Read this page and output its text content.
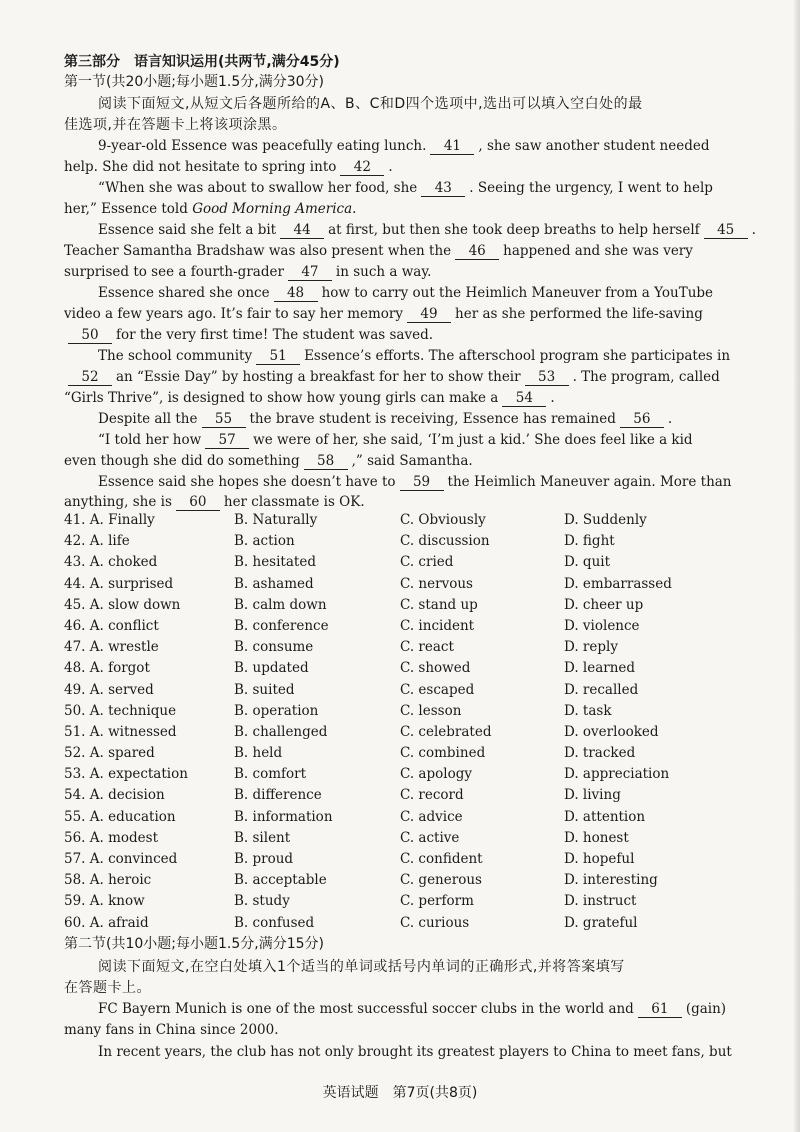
第三部分　语言知识运用(共两节,满分45分)
第一节(共20小题;每小题1.5分,满分30分)
阅读下面短文,从短文后各题所给的A、B、C和D四个选项中,选出可以填入空白处的最
佳选项,并在答题卡上将该项涂黑。
9-year-old Essence was peacefully eating lunch. 41 , she saw another student needed
help. She did not hesitate to spring into 42 .
“When she was about to swallow her food, she 43 . Seeing the urgency, I went to help
her,” Essence told Good Morning America.
Essence said she felt a bit 44 at first, but then she took deep breaths to help herself 45 .
Teacher Samantha Bradshaw was also present when the 46 happened and she was very
surprised to see a fourth-grader 47 in such a way.
Essence shared she once 48 how to carry out the Heimlich Maneuver from a YouTube
video a few years ago. It’s fair to say her memory 49 her as she performed the life-saving
50 for the very first time! The student was saved.
The school community 51 Essence’s efforts. The afterschool program she participates in
52 an “Essie Day” by hosting a breakfast for her to show their 53 . The program, called
“Girls Thrive”, is designed to show how young girls can make a 54 .
Despite all the 55 the brave student is receiving, Essence has remained 56 .
“I told her how 57 we were of her, she said, ‘I’m just a kid.’ She does feel like a kid
even though she did do something 58 ,” said Samantha.
Essence said she hopes she doesn’t have to 59 the Heimlich Maneuver again. More than
anything, she is 60 her classmate is OK.
41. A. Finally	B. Naturally	C. Obviously	D. Suddenly
42. A. life	B. action	C. discussion	D. fight
43. A. choked	B. hesitated	C. cried	D. quit
44. A. surprised	B. ashamed	C. nervous	D. embarrassed
45. A. slow down	B. calm down	C. stand up	D. cheer up
46. A. conflict	B. conference	C. incident	D. violence
47. A. wrestle	B. consume	C. react	D. reply
48. A. forgot	B. updated	C. showed	D. learned
49. A. served	B. suited	C. escaped	D. recalled
50. A. technique	B. operation	C. lesson	D. task
51. A. witnessed	B. challenged	C. celebrated	D. overlooked
52. A. spared	B. held	C. combined	D. tracked
53. A. expectation	B. comfort	C. apology	D. appreciation
54. A. decision	B. difference	C. record	D. living
55. A. education	B. information	C. advice	D. attention
56. A. modest	B. silent	C. active	D. honest
57. A. convinced	B. proud	C. confident	D. hopeful
58. A. heroic	B. acceptable	C. generous	D. interesting
59. A. know	B. study	C. perform	D. instruct
60. A. afraid	B. confused	C. curious	D. grateful
第二节(共10小题;每小题1.5分,满分15分)
阅读下面短文,在空白处填入1个适当的单词或括号内单词的正确形式,并将答案填写
在答题卡上。
FC Bayern Munich is one of the most successful soccer clubs in the world and 61 (gain)
many fans in China since 2000.
In recent years, the club has not only brought its greatest players to China to meet fans, but
英语试题　第7页(共8页)
